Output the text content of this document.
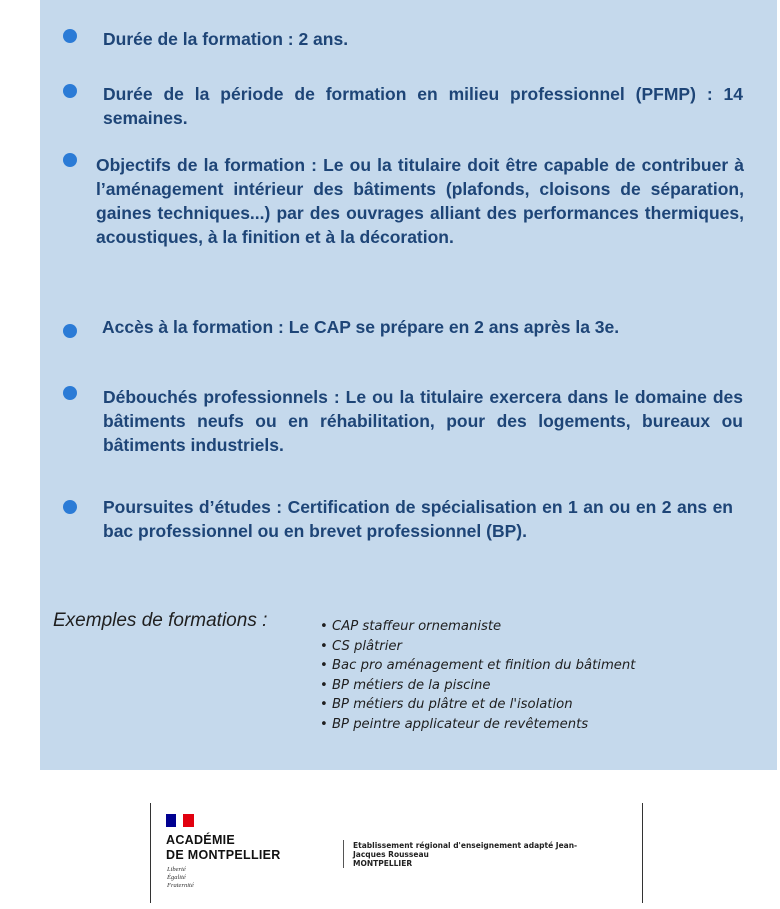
Durée de la formation : 2 ans.
Durée de la période de formation en milieu professionnel (PFMP) : 14 semaines.
Objectifs de la formation : Le ou la titulaire doit être capable de contribuer à l’aménagement intérieur des bâtiments (plafonds, cloisons de séparation, gaines techniques...) par des ouvrages alliant des performances thermiques, acoustiques, à la finition et à la décoration.
Accès à la formation : Le CAP se prépare en 2 ans après la 3e.
Débouchés professionnels : Le ou la titulaire exercera dans le domaine des bâtiments neufs ou en réhabilitation, pour des logements, bureaux ou bâtiments industriels.
Poursuites d’études : Certification de spécialisation en 1 an ou en 2 ans en bac professionnel ou en brevet professionnel (BP).
Exemples de formations :	• CAP staffeur ornemaniste
• CS plâtrier
• Bac pro aménagement et finition du bâtiment
• BP métiers de la piscine
• BP métiers du plâtre et de l'isolation
• BP peintre applicateur de revêtements
ACADÉMIE
DE MONTPELLIER
Liberté
Égalité
Fraternité
Etablissement régional d'enseignement adapté Jean-
Jacques Rousseau
MONTPELLIER
